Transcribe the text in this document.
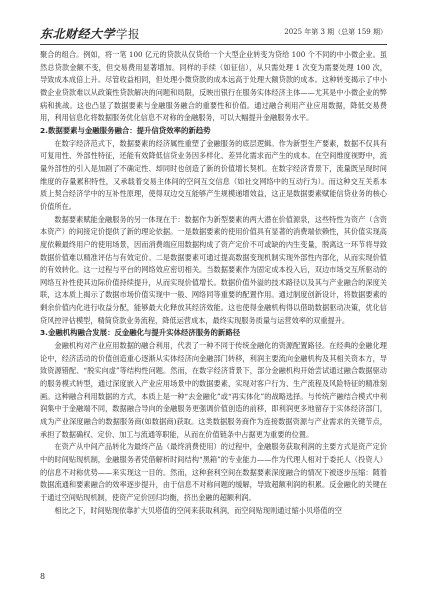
东北财经大学学报	2025 年第 3 期（总第 159 期）

聚合的组合。例如，将一笔 100 亿元的贷款从仅贷给一个大型企业转变为贷给 100 个不同的中小微企业。虽然总贷款金额不变，但交易费用显著增加。同样的手续（如征信），从只需处理 1 次变为需要处理 100 次，导致成本成倍上升。尽管收益相同，但处理小微贷款的成本远高于处理大额贷款的成本。这种转变揭示了中小微企业贷款难以从政策性贷款解决的问题和局限，反映出银行在服务实体经济主体——尤其是中小微企业的弊病和挑战。这也凸显了数据要素与金融服务融合的重要性和价值。通过融合利用产业应用数据，降低交易费用，利用信息化将数据服务优化信息不对称的金融服务，可以大幅提升金融服务水平。

2.数据要素与金融服务融合：提升信贷效率的新趋势

在数字经济范式下，数据要素的经济属性重塑了金融服务的底层逻辑。作为新型生产要素，数据不仅具有可复用性、外部性特征，还能有效降低信贷业务因多样化、差异化需求而产生的成本。在空间维度视野中，流量外部性的引入是加剧了不确定性、却同时也创造了新的价值增长契机。在数字经济背景下，流量既呈现时间维度的存量累积特性，又承载着交易主体间的空间互交信息（如社交网络中的互动行为）。而这种交互关系本质上契合经济学中的互补性原理，使得双边交互能够产生规模递增效益，这正是数据要素赋能信贷业务的核心价值所在。

数据要素赋能金融服务的另一体现在于：数据作为新型要素的两大潜在价值源泉，这些特性为资产（含资本资产）的间接定价提供了新的理论依据。一是数据要素的使用价值具有显著的消费端依赖性，其价值实现高度依赖最终用户的使用场景，因而消费端应用数据构成了资产定价不可或缺的内生变量，脱离这一环节将导致数据价值难以精准评估与有效定价。二是数据要素可通过提高数据变现机制实现外部性内部化，从而实现价值的有效转化。这一过程与平台的网络效应密切相关。当数据要素作为固定成本投入后，双边市场交互所驱动的网络互补性使其边际价值持续提升，从而实现价值增长。数据价值外溢的技术路径以及其与产业融合的深度关联，这本质上揭示了数据市场价值实现中一般、网络同等重要的配置作用。通过制度创新设计，将数据要素的剩余价值内化进行收益分配，能够最大化释放其经济效能。这也使得金融机构得以借助数据驱动决策，优化信贷风控评估模型，精简贷款业务流程，降低运营成本，最终实现服务质量与运营效率的双重提升。

3.金融机构融合发展：反金融化与提升实体经济服务的新路径

金融机构对产业应用数据的融合利用，代表了一种不同于传统金融化的资源配置路径。在经典的金融化理论中，经济活动的价值创造重心逐渐从实体经济向金融部门转移，利润主要流向金融机构及其相关资本方，导致资源错配、“脱实向虚”等结构性问题。然而，在数字经济背景下，部分金融机构开始尝试通过融合数据驱动的服务模式转型，通过深度嵌入产业应用场景中的数据要素，实现对客户行为、生产流程及风险特征的精准刻画。这种融合利用数据的方式，本质上是一种“去金融化”或“再实体化”的战略选择。与传统产融结合模式中利润集中于金融端不同，数据融合导向的金融服务更强调价值创造的前移，即利润更多地留存于实体经济部门，成为产业深度融合的数据服务商(如数据商)获取。这类数据服务商作为连接数据资源与产业需求的关键节点，承担了数据确权、定价、加工与流通等职能，从而在价值链条中占据更为重要的位置。

在资产从中间产品转化为最终产品（最终消费使用）的过程中，金融服务获取利润的主要方式是资产定价中的时间贴现机制，金融服务者凭借解析时间结构“黑箱”的专业能力——作为代理人相对于委托人（投资人）的信息不对称优势——来实现这一目的。然而，这种套利空间在数据要素深度融合的情况下被逐步压缩：随着数据流通和要素融合的效率逐步提升，由于信息不对称问题的缓解，导致超额利润的积累。反金融化的关键在于通过空间贴现机制，使资产定价回归均衡，挤出金融的超额利润。

相比之下，时间贴现依靠扩大贝塔值的空间来获取利润，而空间贴现则通过缩小贝塔值的空

8
